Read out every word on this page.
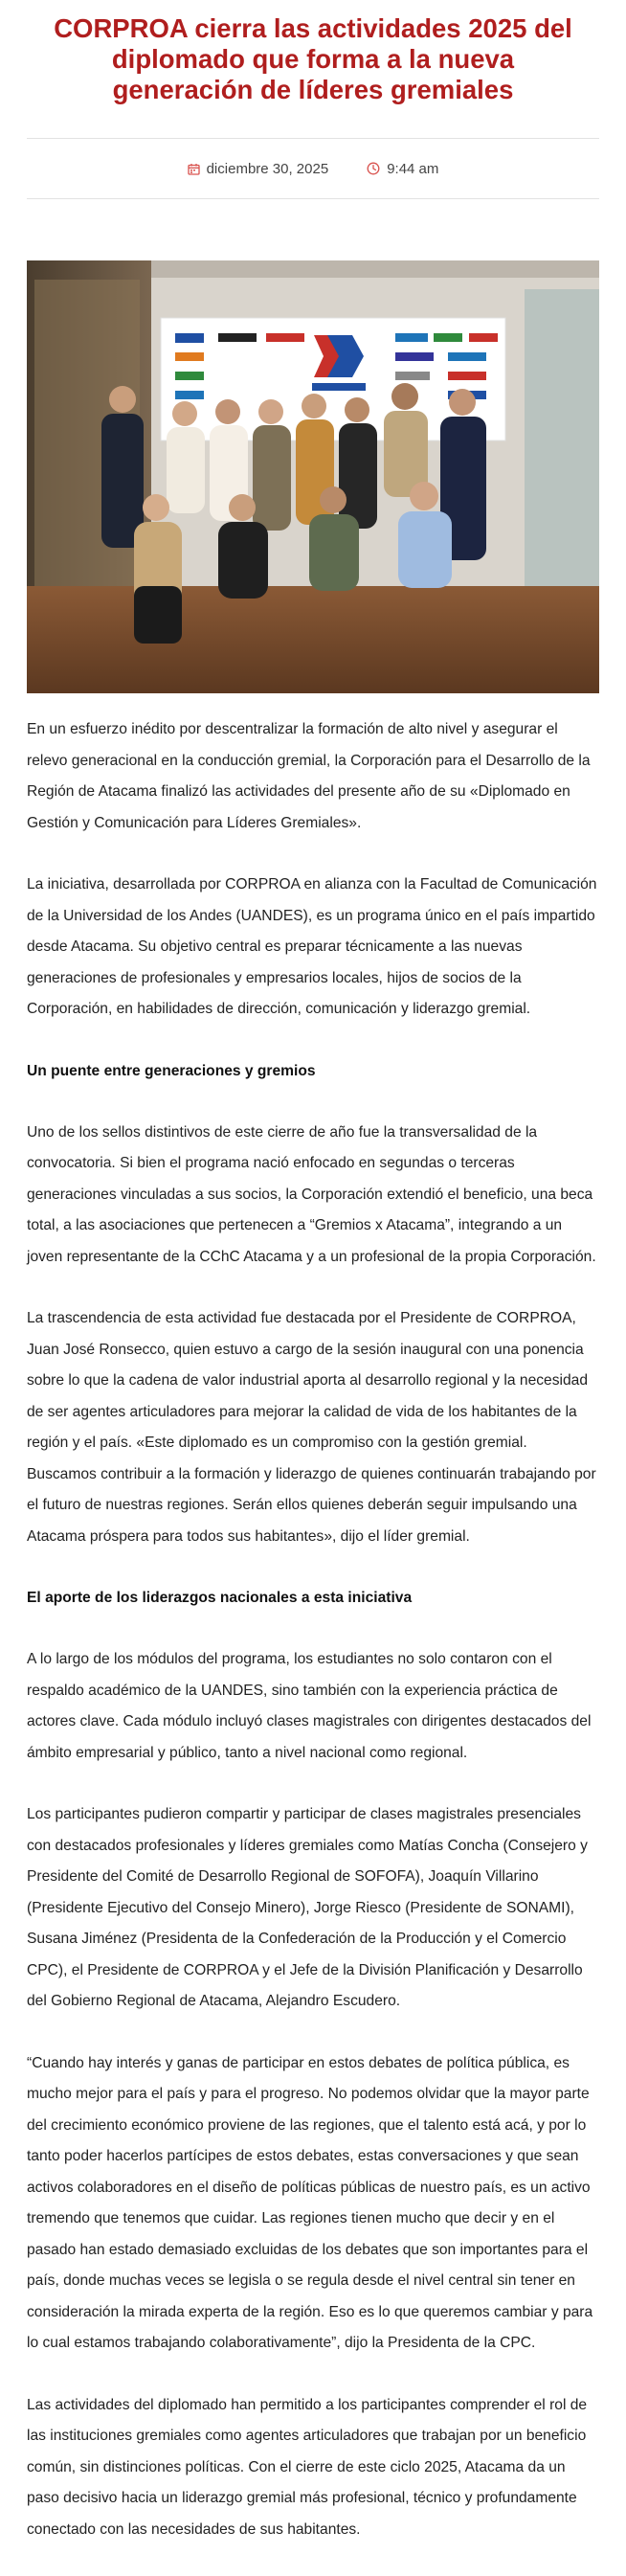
CORPROA cierra las actividades 2025 del diplomado que forma a la nueva generación de líderes gremiales
diciembre 30, 2025	9:44 am

En un esfuerzo inédito por descentralizar la formación de alto nivel y asegurar el relevo generacional en la conducción gremial, la Corporación para el Desarrollo de la Región de Atacama finalizó las actividades del presente año de su «Diplomado en Gestión y Comunicación para Líderes Gremiales».

La iniciativa, desarrollada por CORPROA en alianza con la Facultad de Comunicación de la Universidad de los Andes (UANDES), es un programa único en el país impartido desde Atacama. Su objetivo central es preparar técnicamente a las nuevas generaciones de profesionales y empresarios locales, hijos de socios de la Corporación, en habilidades de dirección, comunicación y liderazgo gremial.

Un puente entre generaciones y gremios

Uno de los sellos distintivos de este cierre de año fue la transversalidad de la convocatoria. Si bien el programa nació enfocado en segundas o terceras generaciones vinculadas a sus socios, la Corporación extendió el beneficio, una beca total, a las asociaciones que pertenecen a “Gremios x Atacama”, integrando a un joven representante de la CChC Atacama y a un profesional de la propia Corporación.

La trascendencia de esta actividad fue destacada por el Presidente de CORPROA, Juan José Ronsecco, quien estuvo a cargo de la sesión inaugural con una ponencia sobre lo que la cadena de valor industrial aporta al desarrollo regional y la necesidad de ser agentes articuladores para mejorar la calidad de vida de los habitantes de la región y el país. «Este diplomado es un compromiso con la gestión gremial. Buscamos contribuir a la formación y liderazgo de quienes continuarán trabajando por el futuro de nuestras regiones. Serán ellos quienes deberán seguir impulsando una Atacama próspera para todos sus habitantes», dijo el líder gremial.

El aporte de los liderazgos nacionales a esta iniciativa

A lo largo de los módulos del programa, los estudiantes no solo contaron con el respaldo académico de la UANDES, sino también con la experiencia práctica de actores clave. Cada módulo incluyó clases magistrales con dirigentes destacados del ámbito empresarial y público, tanto a nivel nacional como regional.

Los participantes pudieron compartir y participar de clases magistrales presenciales con destacados profesionales y líderes gremiales como Matías Concha (Consejero y Presidente del Comité de Desarrollo Regional de SOFOFA), Joaquín Villarino (Presidente Ejecutivo del Consejo Minero), Jorge Riesco (Presidente de SONAMI), Susana Jiménez (Presidenta de la Confederación de la Producción y el Comercio CPC), el Presidente de CORPROA y el Jefe de la División Planificación y Desarrollo del Gobierno Regional de Atacama, Alejandro Escudero.

“Cuando hay interés y ganas de participar en estos debates de política pública, es mucho mejor para el país y para el progreso. No podemos olvidar que la mayor parte del crecimiento económico proviene de las regiones, que el talento está acá, y por lo tanto poder hacerlos partícipes de estos debates, estas conversaciones y que sean activos colaboradores en el diseño de políticas públicas de nuestro país, es un activo tremendo que tenemos que cuidar. Las regiones tienen mucho que decir y en el pasado han estado demasiado excluidas de los debates que son importantes para el país, donde muchas veces se legisla o se regula desde el nivel central sin tener en consideración la mirada experta de la región. Eso es lo que queremos cambiar y para lo cual estamos trabajando colaborativamente”, dijo la Presidenta de la CPC.

Las actividades del diplomado han permitido a los participantes comprender el rol de las instituciones gremiales como agentes articuladores que trabajan por un beneficio común, sin distinciones políticas. Con el cierre de este ciclo 2025, Atacama da un paso decisivo hacia un liderazgo gremial más profesional, técnico y profundamente conectado con las necesidades de sus habitantes.
